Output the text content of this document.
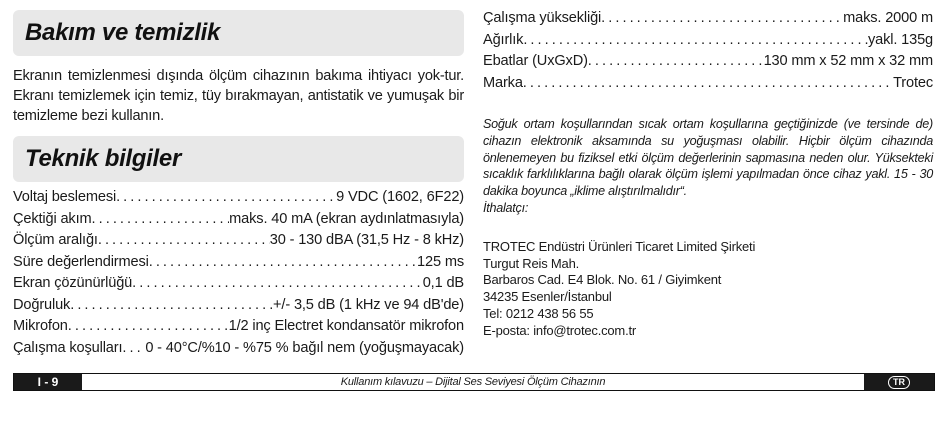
Bakım ve temizlik

Ekranın temizlenmesi dışında ölçüm cihazının bakıma ihtiyacı yok-tur. Ekranı temizlemek için temiz, tüy bırakmayan, antistatik ve yumuşak bir temizleme bezi kullanın.

Teknik bilgiler
Voltaj beslemesi . . .	9 VDC (1602, 6F22)
Çektiği akım . . .	maks. 40 mA (ekran aydınlatmasıyla)
Ölçüm aralığı . . .	30 - 130 dBA (31,5 Hz - 8 kHz)
Süre değerlendirmesi . . .	125 ms
Ekran çözünürlüğü . . .	0,1 dB
Doğruluk . . .	+/- 3,5 dB (1 kHz ve 94 dB'de)
Mikrofon . . .	1/2 inç Electret kondansatör mikrofon
Çalışma koşulları . . . 0 - 40°C/%10 - %75 % bağıl nem (yoğuşmayacak)
Çalışma yüksekliği . . .	maks. 2000 m
Ağırlık . . .	yakl. 135g
Ebatlar (UxGxD) . . .	130 mm x 52 mm x 32 mm
Marka . . .	Trotec
Soğuk ortam koşullarından sıcak ortam koşullarına geçtiğinizde (ve tersinde de) cihazın elektronik aksamında su yoğuşması olabilir. Hiçbir ölçüm cihazında önlenemeyen bu fiziksel etki ölçüm değerlerinin sapmasına neden olur. Yüksekteki sıcaklık farklılıklarına bağlı olarak ölçüm işlemi yapılmadan önce cihaz yakl. 15 - 30 dakika boyunca „iklime alıştırılmalıdır“.
İthalatçı:
TROTEC Endüstri Ürünleri Ticaret Limited Şirketi
Turgut Reis Mah.
Barbaros Cad. E4 Blok. No. 61 / Giyimkent
34235 Esenler/İstanbul
Tel: 0212 438 56 55
E-posta: info@trotec.com.tr
I - 9	Kullanım kılavuzu – Dijital Ses Seviyesi Ölçüm Cihazının	TR
